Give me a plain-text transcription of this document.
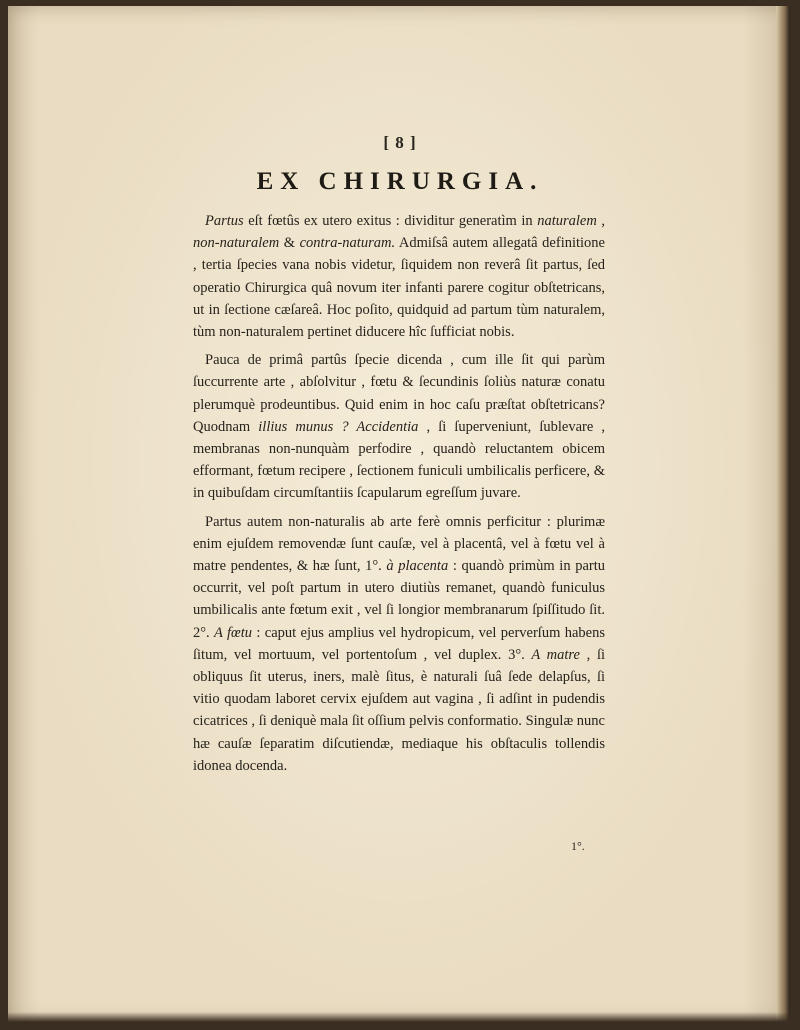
[ 8 ]
EX CHIRURGIA.

Partus eſt fœtûs ex utero exitus : dividitur generatìm in naturalem , non-naturalem & contra-naturam. Admiſsâ autem allegatâ definitione , tertia ſpecies vana nobis videtur, ſiquidem non reverâ ſit partus, ſed operatio Chirurgica quâ novum iter infanti parere cogitur obſtetricans, ut in ſectione cæſareâ. Hoc poſito, quidquid ad partum tùm naturalem, tùm non-naturalem pertinet diducere hîc ſufficiat nobis.

Pauca de primâ partûs ſpecie dicenda , cum ille ſit qui parùm ſuccurrente arte , abſolvitur , fœtu & ſecundinis ſoliùs naturæ conatu plerumquè prodeuntibus. Quid enim in hoc caſu præſtat obſtetricans? Quodnam illius munus ? Accidentia , ſi ſuperveniunt, ſublevare , membranas non-nunquàm perfodire , quandò reluctantem obicem efformant, fœtum recipere , ſectionem funiculi umbilicalis perficere, & in quibuſdam circumſtantiis ſcapularum egreſſum juvare.

Partus autem non-naturalis ab arte ferè omnis perficitur : plurimæ enim ejuſdem removendæ ſunt cauſæ, vel à placentâ, vel à fœtu vel à matre pendentes, & hæ ſunt, 1°. à placenta : quandò primùm in partu occurrit, vel poſt partum in utero diutiùs remanet, quandò funiculus umbilicalis ante fœtum exit , vel ſi longior membranarum ſpiſſitudo ſit. 2°. A fœtu : caput ejus amplius vel hydropicum, vel perverſum habens ſitum, vel mortuum, vel portentoſum , vel duplex. 3°. A matre , ſi obliquus ſit uterus, iners, malè ſitus, è naturali ſuâ ſede delapſus, ſi vitio quodam laboret cervix ejuſdem aut vagina , ſi adſint in pudendis cicatrices , ſi deniquè mala ſit oſſium pelvis conformatio. Singulæ nunc hæ cauſæ ſeparatim diſcutiendæ, mediaque his obſtaculis tollendis idonea docenda.

1°.
